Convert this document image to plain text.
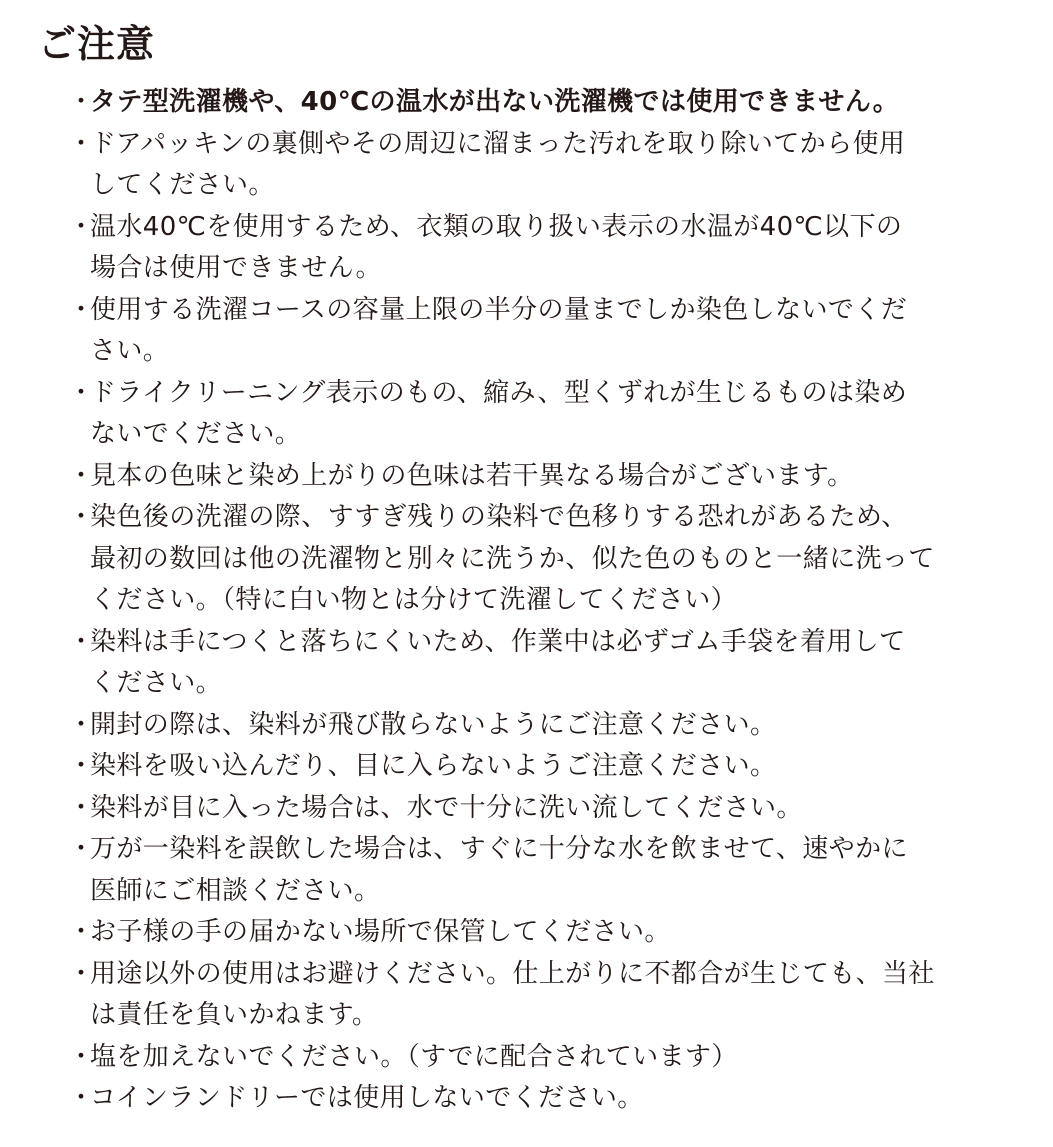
ご注意
・
タテ型洗濯機や、40℃の温水が出ない洗濯機では使用できません。
・
ドアパッキンの裏側やその周辺に溜まった汚れを取り除いてから使用
してください。
・
温水40℃を使用するため、衣類の取り扱い表示の水温が40℃以下の
場合は使用できません。
・
使用する洗濯コースの容量上限の半分の量までしか染色しないでくだ
さい。
・
ドライクリーニング表示のもの、縮み、型くずれが生じるものは染め
ないでください。
・
見本の色味と染め上がりの色味は若干異なる場合がございます。
・
染色後の洗濯の際、すすぎ残りの染料で色移りする恐れがあるため、
最初の数回は他の洗濯物と別々に洗うか、似た色のものと一緒に洗って
ください。（特に白い物とは分けて洗濯してください）
・
染料は手につくと落ちにくいため、作業中は必ずゴム手袋を着用して
ください。
・
開封の際は、染料が飛び散らないようにご注意ください。
・
染料を吸い込んだり、目に入らないようご注意ください。
・
染料が目に入った場合は、水で十分に洗い流してください。
・
万が一染料を誤飲した場合は、すぐに十分な水を飲ませて、速やかに
医師にご相談ください。
・
お子様の手の届かない場所で保管してください。
・
用途以外の使用はお避けください。仕上がりに不都合が生じても、当社
は責任を負いかねます。
・
塩を加えないでください。（すでに配合されています）
・
コインランドリーでは使用しないでください。
